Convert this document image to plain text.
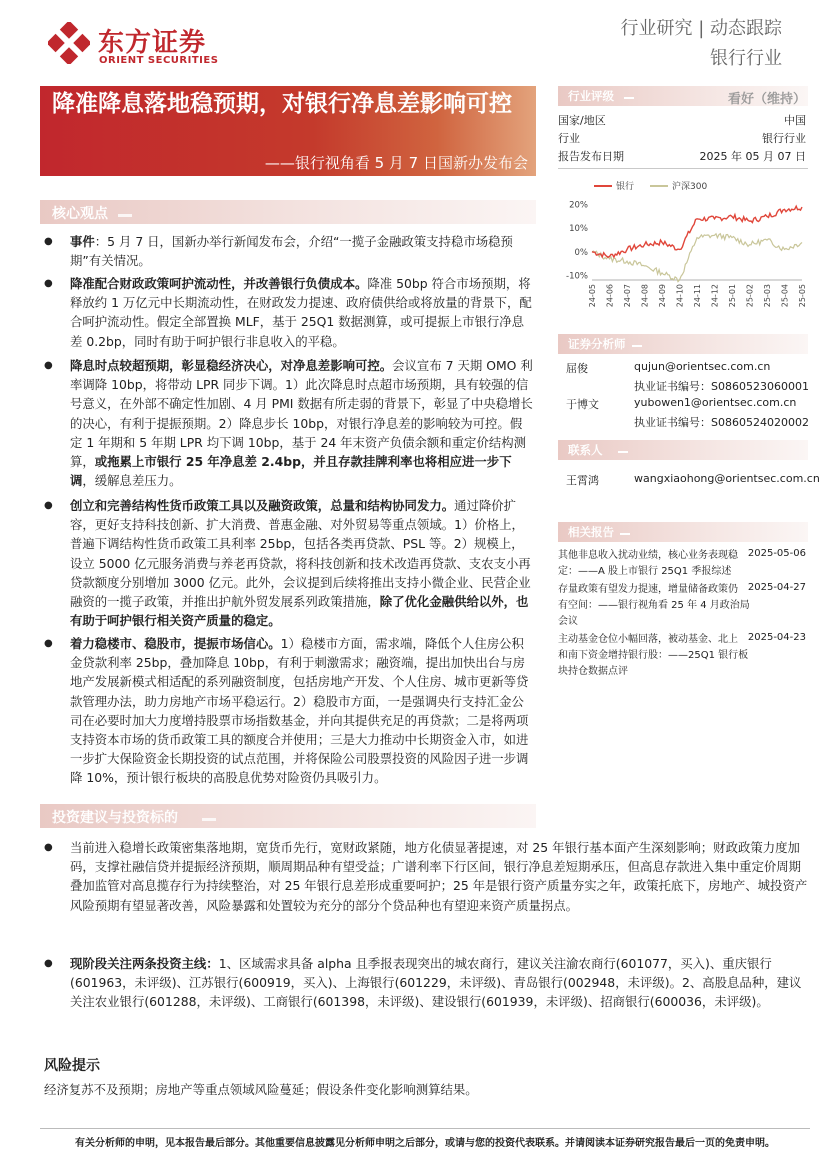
东方证券
ORIENT SECURITIES
行业研究 | 动态跟踪
银行行业
降准降息落地稳预期，对银行净息差影响可控
——银行视角看 5 月 7 日国新办发布会
核心观点
● 事件：5 月 7 日，国新办举行新闻发布会，介绍“一揽子金融政策支持稳市场稳预期”有关情况。
● 降准配合财政政策呵护流动性，并改善银行负债成本。降准 50bp 符合市场预期，将释放约 1 万亿元中长期流动性，在财政发力提速、政府债供给或将放量的背景下，配合呵护流动性。假定全部置换 MLF，基于 25Q1 数据测算，或可提振上市银行净息差 0.2bp，同时有助于呵护银行非息收入的平稳。
● 降息时点较超预期，彰显稳经济决心，对净息差影响可控。会议宣布 7 天期 OMO 利率调降 10bp，将带动 LPR 同步下调。1）此次降息时点超市场预期，具有较强的信号意义，在外部不确定性加剧、4 月 PMI 数据有所走弱的背景下，彰显了中央稳增长的决心，有利于提振预期。2）降息步长 10bp，对银行净息差的影响较为可控。假定 1 年期和 5 年期 LPR 均下调 10bp，基于 24 年末资产负债余额和重定价结构测算，或拖累上市银行 25 年净息差 2.4bp，并且存款挂牌利率也将相应进一步下调，缓解息差压力。
● 创立和完善结构性货币政策工具以及融资政策，总量和结构协同发力。通过降价扩容，更好支持科技创新、扩大消费、普惠金融、对外贸易等重点领域。1）价格上，普遍下调结构性货币政策工具利率 25bp，包括各类再贷款、PSL 等。2）规模上，设立 5000 亿元服务消费与养老再贷款，将科技创新和技术改造再贷款、支农支小再贷款额度分别增加 3000 亿元。此外，会议提到后续将推出支持小微企业、民营企业融资的一揽子政策，并推出护航外贸发展系列政策措施，除了优化金融供给以外，也有助于呵护银行相关资产质量的稳定。
● 着力稳楼市、稳股市，提振市场信心。1）稳楼市方面，需求端，降低个人住房公积金贷款利率 25bp，叠加降息 10bp，有利于刺激需求；融资端，提出加快出台与房地产发展新模式相适配的系列融资制度，包括房地产开发、个人住房、城市更新等贷款管理办法，助力房地产市场平稳运行。2）稳股市方面，一是强调央行支持汇金公司在必要时加大力度增持股票市场指数基金，并向其提供充足的再贷款；二是将两项支持资本市场的货币政策工具的额度合并使用；三是大力推动中长期资金入市，如进一步扩大保险资金长期投资的试点范围，并将保险公司股票投资的风险因子进一步调降 10%，预计银行板块的高股息优势对险资仍具吸引力。
投资建议与投资标的
● 当前进入稳增长政策密集落地期，宽货币先行，宽财政紧随，地方化债显著提速，对 25 年银行基本面产生深刻影响；财政政策力度加码，支撑社融信贷并提振经济预期，顺周期品种有望受益；广谱利率下行区间，银行净息差短期承压，但高息存款进入集中重定价周期叠加监管对高息揽存行为持续整治，对 25 年银行息差形成重要呵护；25 年是银行资产质量夯实之年，政策托底下，房地产、城投资产风险预期有望显著改善，风险暴露和处置较为充分的部分个贷品种也有望迎来资产质量拐点。
● 现阶段关注两条投资主线：1、区域需求具备 alpha 且季报表现突出的城农商行，建议关注渝农商行(601077，买入)、重庆银行(601963，未评级)、江苏银行(600919，买入)、上海银行(601229，未评级)、青岛银行(002948，未评级)。2、高股息品种，建议关注农业银行(601288，未评级)、工商银行(601398，未评级)、建设银行(601939，未评级)、招商银行(600036，未评级)。
风险提示
经济复苏不及预期；房地产等重点领域风险蔓延；假设条件变化影响测算结果。
行业评级	看好（维持）
国家/地区	中国
行业	银行行业
报告发布日期	2025 年 05 月 07 日
银行	沪深300
20%
10%
0%
-10%
24-05 24-06 24-07 24-08 24-09 24-10 24-11 24-12 25-01 25-02 25-03 25-04 25-05
证券分析师
屈俊	qujun@orientsec.com.cn
执业证书编号：S0860523060001
于博文	yubowen1@orientsec.com.cn
执业证书编号：S0860524020002
联系人
王霄鸿	wangxiaohong@orientsec.com.cn
相关报告
其他非息收入扰动业绩，核心业务表现稳
定：——A 股上市银行 25Q1 季报综述
2025-05-06
存量政策有望发力提速，增量储备政策仍
有空间：——银行视角看 25 年 4 月政治局
会议
2025-04-27
主动基金仓位小幅回落，被动基金、北上
和南下资金增持银行股：——25Q1 银行板
块持仓数据点评
2025-04-23
有关分析师的申明，见本报告最后部分。其他重要信息披露见分析师申明之后部分，或请与您的投资代表联系。并请阅读本证券研究报告最后一页的免责申明。
